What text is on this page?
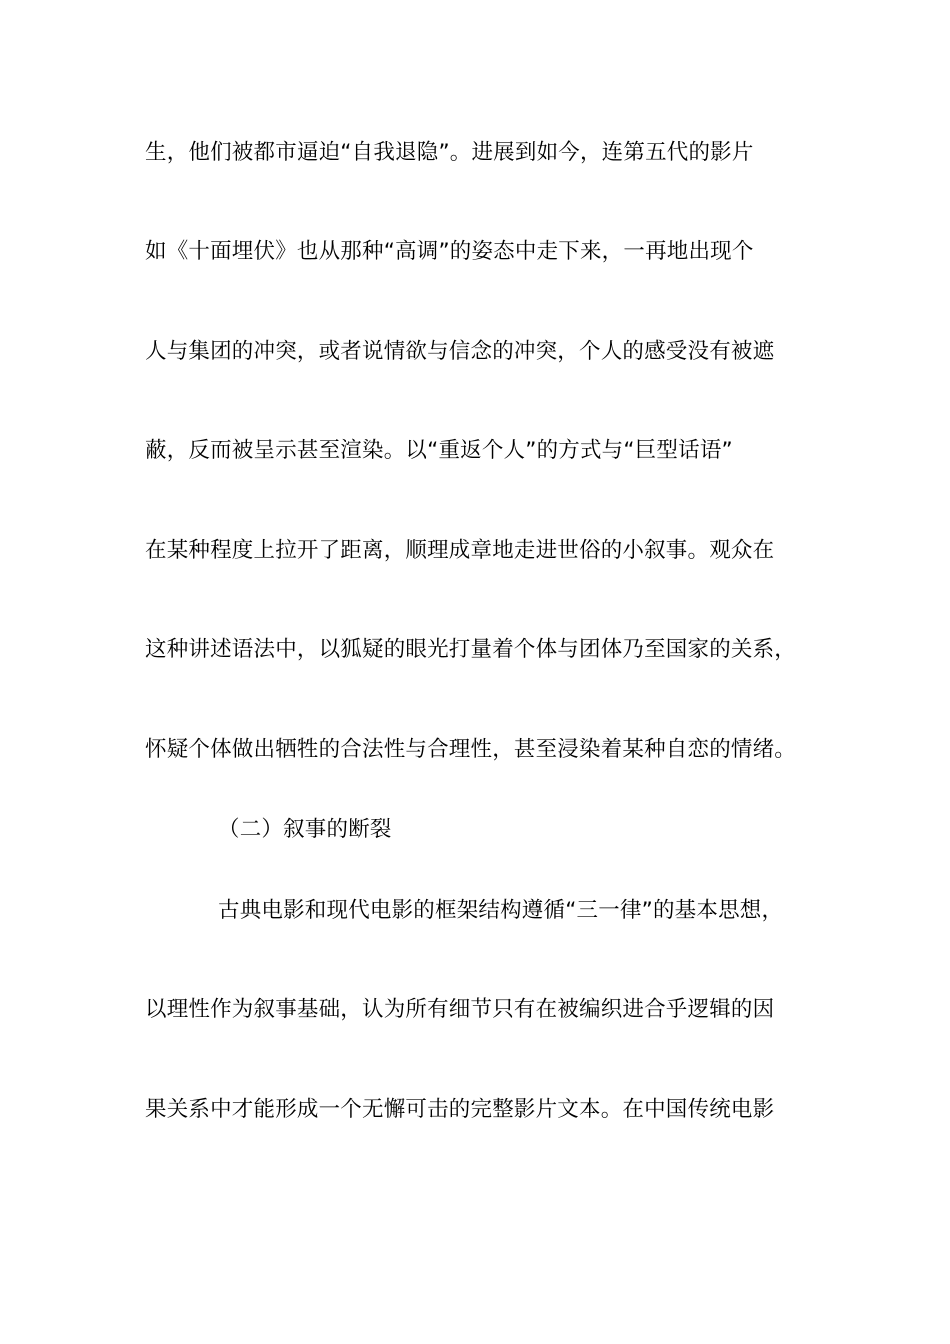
生，他们被都市逼迫“自我退隐”。进展到如今，连第五代的影片
如《十面埋伏》也从那种“高调”的姿态中走下来，一再地出现个
人与集团的冲突，或者说情欲与信念的冲突，个人的感受没有被遮
蔽，反而被呈示甚至渲染。以“重返个人”的方式与“巨型话语”
在某种程度上拉开了距离，顺理成章地走进世俗的小叙事。观众在
这种讲述语法中，以狐疑的眼光打量着个体与团体乃至国家的关系，
怀疑个体做出牺牲的合法性与合理性，甚至浸染着某种自恋的情绪。
（二）叙事的断裂
古典电影和现代电影的框架结构遵循“三一律”的基本思想，
以理性作为叙事基础，认为所有细节只有在被编织进合乎逻辑的因
果关系中才能形成一个无懈可击的完整影片文本。在中国传统电影
